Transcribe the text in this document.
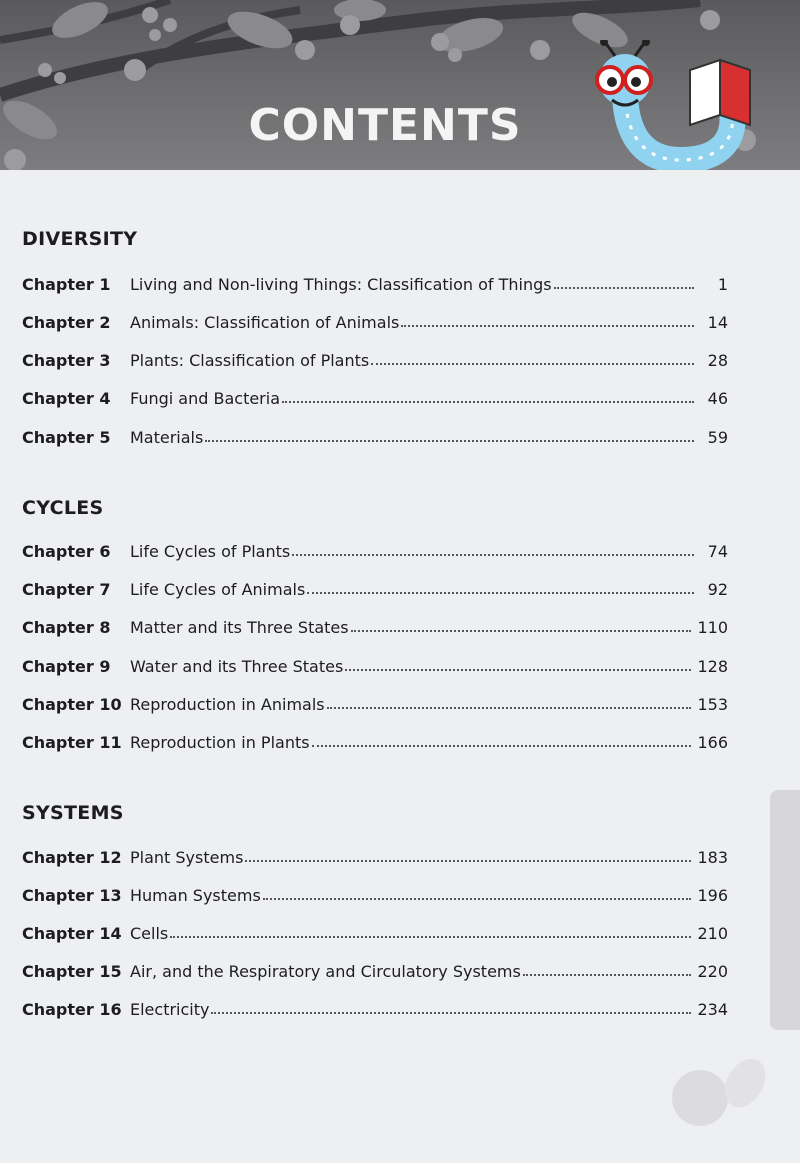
CONTENTS
DIVERSITY
Chapter 1	Living and Non-living Things: Classification of Things	1
Chapter 2	Animals: Classification of Animals	14
Chapter 3	Plants: Classification of Plants	28
Chapter 4	Fungi and Bacteria	46
Chapter 5	Materials	59
CYCLES
Chapter 6	Life Cycles of Plants	74
Chapter 7	Life Cycles of Animals	92
Chapter 8	Matter and its Three States	110
Chapter 9	Water and its Three States	128
Chapter 10 Reproduction in Animals	153
Chapter 11 Reproduction in Plants	166
SYSTEMS
Chapter 12 Plant Systems	183
Chapter 13 Human Systems	196
Chapter 14 Cells	210
Chapter 15 Air, and the Respiratory and Circulatory Systems	220
Chapter 16 Electricity	234
